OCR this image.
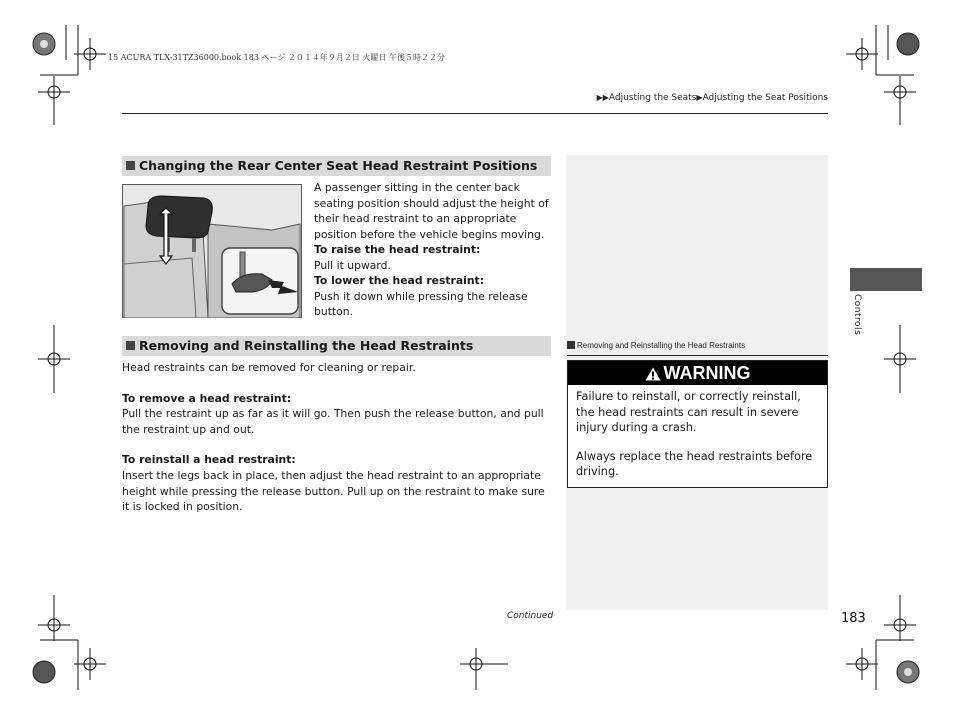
15 ACURA TLX-31TZ36000.book 183 ページ ２０１４年９月２日 火曜日 午後５時２２分
▶▶Adjusting the Seats▶Adjusting the Seat Positions
Changing the Rear Center Seat Head Restraint Positions

A passenger sitting in the center back seating position should adjust the height of their head restraint to an appropriate position before the vehicle begins moving.

To raise the head restraint:

Pull it upward.

To lower the head restraint:

Push it down while pressing the release button.

Removing and Reinstalling the Head Restraints

Head restraints can be removed for cleaning or repair.

To remove a head restraint:

Pull the restraint up as far as it will go. Then push the release button, and pull the restraint up and out.

To reinstall a head restraint:

Insert the legs back in place, then adjust the head restraint to an appropriate height while pressing the release button. Pull up on the restraint to make sure it is locked in position.

Removing and Reinstalling the Head Restraints
WARNING

Failure to reinstall, or correctly reinstall, the head restraints can result in severe injury during a crash.

Always replace the head restraints before driving.

Controls
Continued	183
